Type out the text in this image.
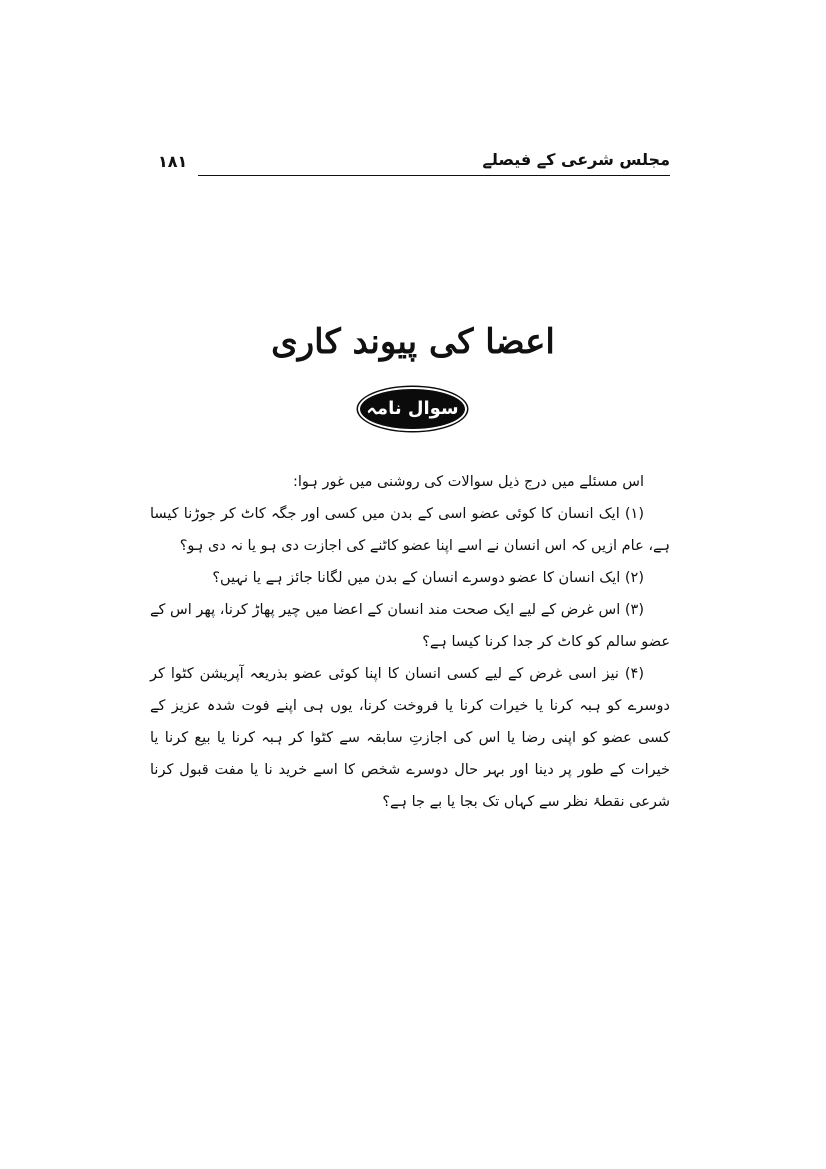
مجلس شرعی کے فیصلے
۱۸۱
اعضا کی پیوند کاری
سوال نامہ

اس مسئلے میں درج ذیل سوالات کی روشنی میں غور ہوا:

(۱) ایک انسان کا کوئی عضو اسی کے بدن میں کسی اور جگہ کاٹ کر جوڑنا کیسا ہے، عام ازیں کہ اس انسان نے اسے اپنا عضو کاٹنے کی اجازت دی ہو یا نہ دی ہو؟

(۲) ایک انسان کا عضو دوسرے انسان کے بدن میں لگانا جائز ہے یا نہیں؟

(۳) اس غرض کے لیے ایک صحت مند انسان کے اعضا میں چیر پھاڑ کرنا، پھر اس کے عضو سالم کو کاٹ کر جدا کرنا کیسا ہے؟

(۴) نیز اسی غرض کے لیے کسی انسان کا اپنا کوئی عضو بذریعہ آپریشن کٹوا کر دوسرے کو ہبہ کرنا یا خیرات کرنا یا فروخت کرنا، یوں ہی اپنے فوت شدہ عزیز کے کسی عضو کو اپنی رضا یا اس کی اجازتِ سابقہ سے کٹوا کر ہبہ کرنا یا بیع کرنا یا خیرات کے طور پر دینا اور بہر حال دوسرے شخص کا اسے خرید نا یا مفت قبول کرنا شرعی نقطۂ نظر سے کہاں تک بجا یا بے جا ہے؟
